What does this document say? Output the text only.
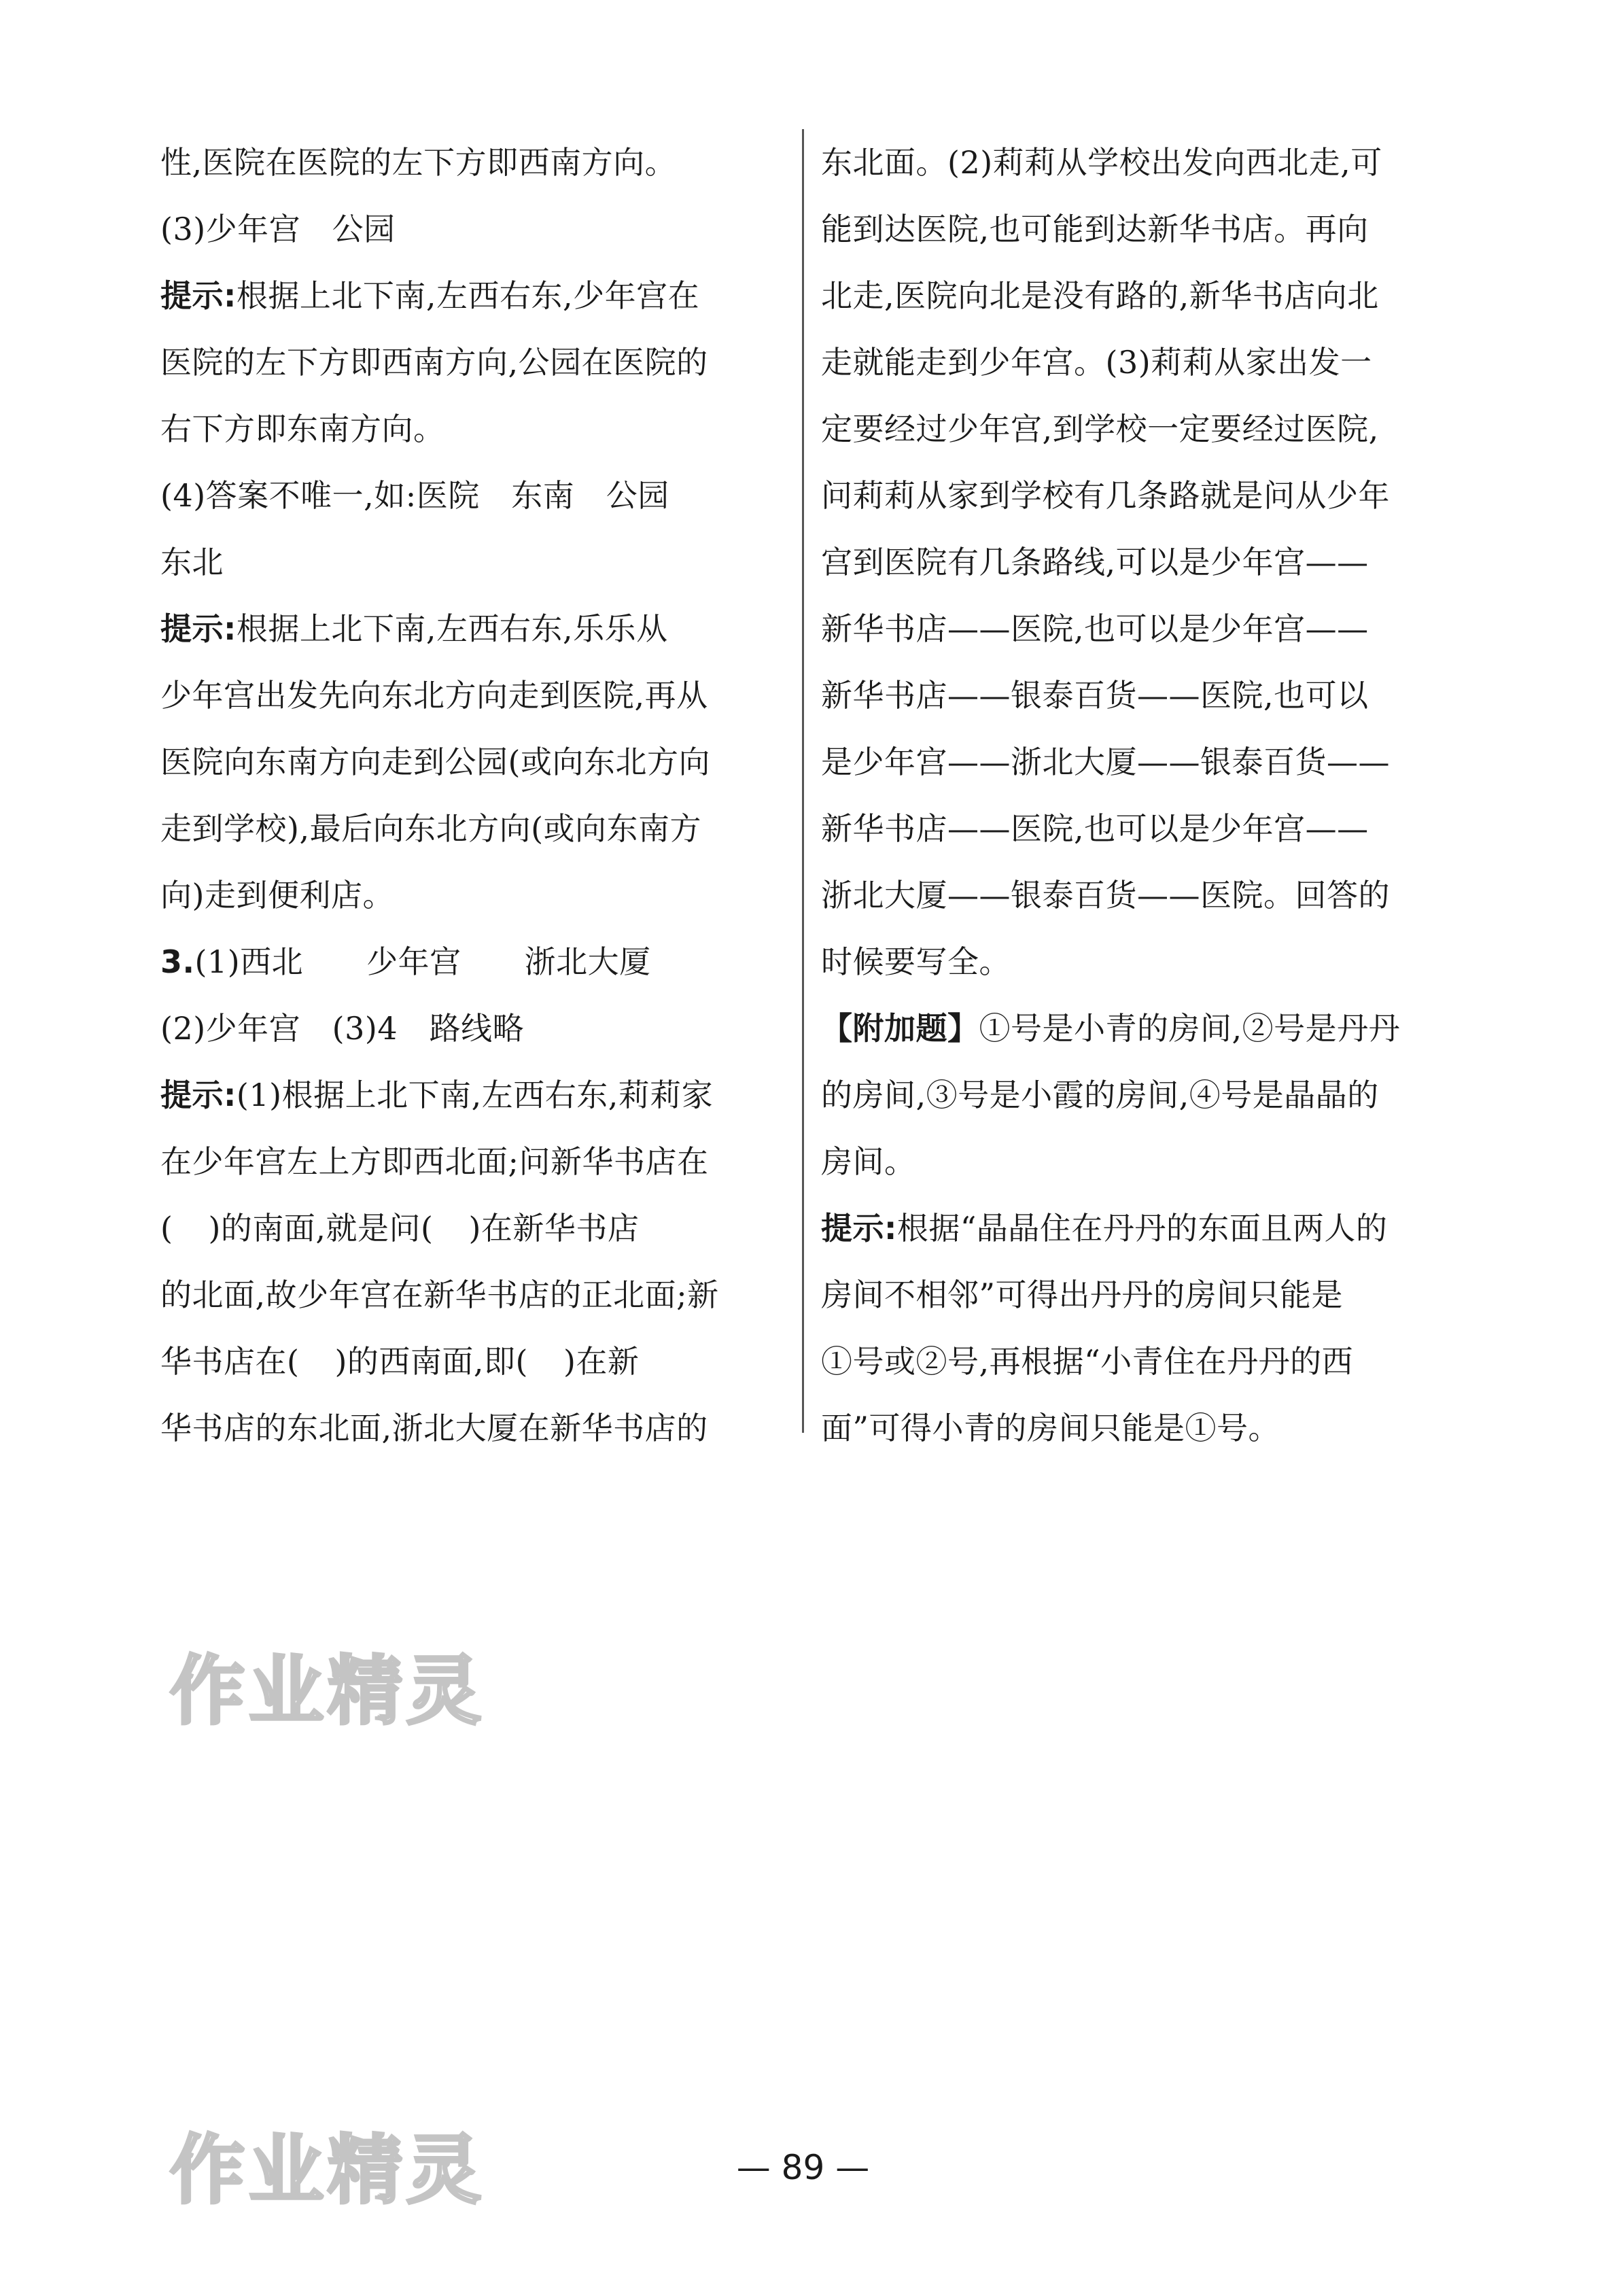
性,医院在医院的左下方即西南方向。
(3)少年宫　公园
提示:根据上北下南,左西右东,少年宫在
医院的左下方即西南方向,公园在医院的
右下方即东南方向。
(4)答案不唯一,如:医院　东南　公园
东北
提示:根据上北下南,左西右东,乐乐从
少年宫出发先向东北方向走到医院,再从
医院向东南方向走到公园(或向东北方向
走到学校),最后向东北方向(或向东南方
向)走到便利店。
3.(1)西北　　少年宫　　浙北大厦
(2)少年宫　(3)4　路线略
提示:(1)根据上北下南,左西右东,莉莉家
在少年宫左上方即西北面;问新华书店在
( )的南面,就是问( )在新华书店
的北面,故少年宫在新华书店的正北面;新
华书店在( )的西南面,即( )在新
华书店的东北面,浙北大厦在新华书店的
东北面。(2)莉莉从学校出发向西北走,可
能到达医院,也可能到达新华书店。再向
北走,医院向北是没有路的,新华书店向北
走就能走到少年宫。(3)莉莉从家出发一
定要经过少年宫,到学校一定要经过医院,
问莉莉从家到学校有几条路就是问从少年
宫到医院有几条路线,可以是少年宫——
新华书店——医院,也可以是少年宫——
新华书店——银泰百货——医院,也可以
是少年宫——浙北大厦——银泰百货——
新华书店——医院,也可以是少年宫——
浙北大厦——银泰百货——医院。回答的
时候要写全。
【附加题】①号是小青的房间,②号是丹丹
的房间,③号是小霞的房间,④号是晶晶的
房间。
提示:根据“晶晶住在丹丹的东面且两人的
房间不相邻”可得出丹丹的房间只能是
①号或②号,再根据“小青住在丹丹的西
面”可得小青的房间只能是①号。
作业精灵
作业精灵	— 89 —
